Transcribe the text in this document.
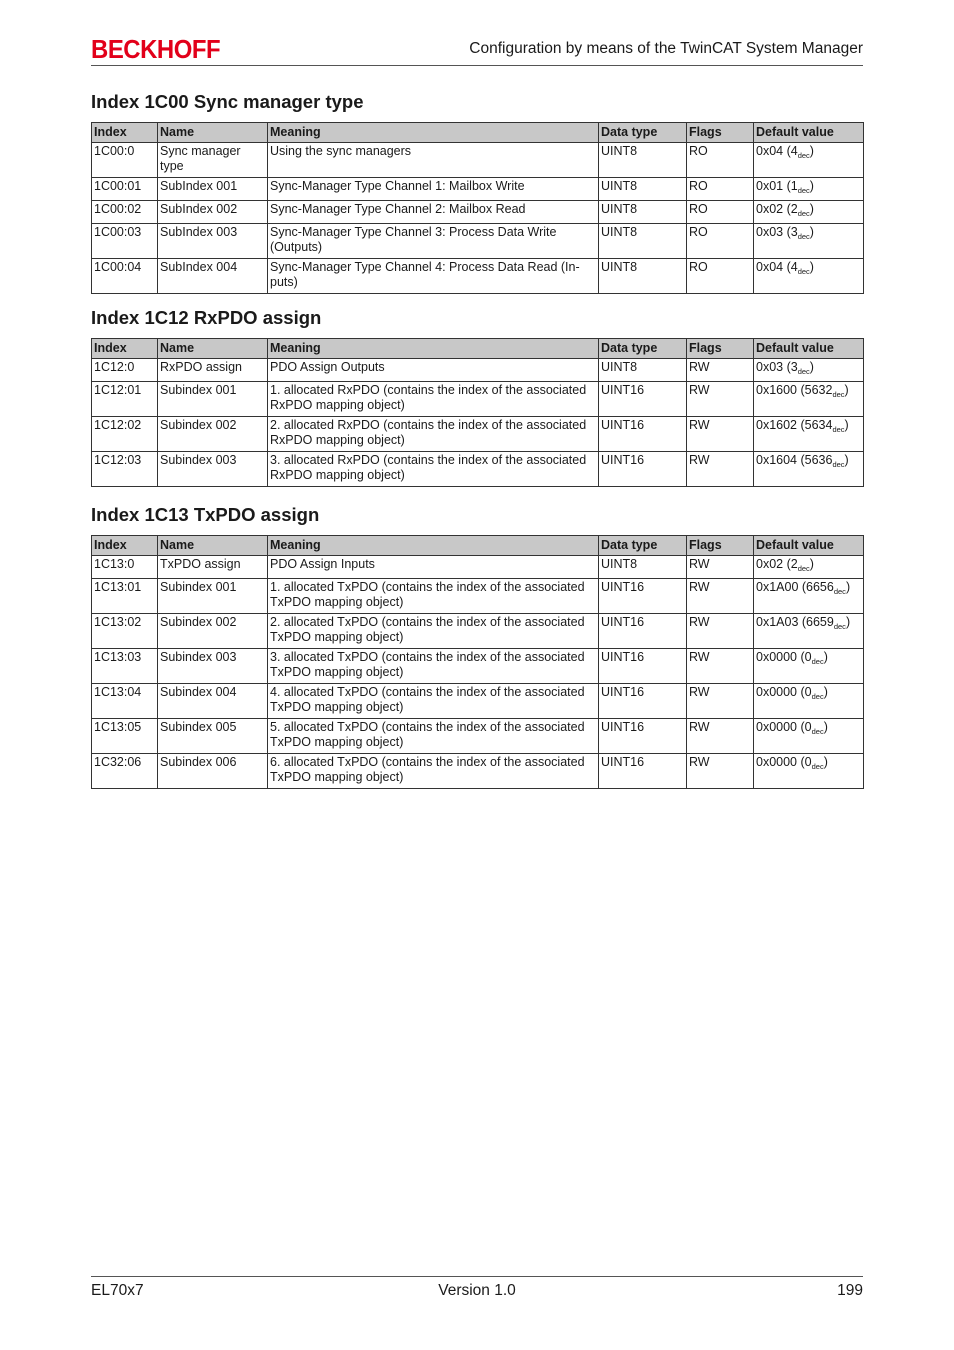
BECKHOFF	Configuration by means of the TwinCAT System Manager
Index 1C00 Sync manager type
Index	Name	Meaning	Data type	Flags	Default value
1C00:0	Sync manager type	Using the sync managers	UINT8	RO	0x04 $(4_{dec})$
1C00:01	SubIndex 001	Sync-Manager Type Channel 1: Mailbox Write	UINT8	RO	0x01 $(1_{dec})$
1C00:02	SubIndex 002	Sync-Manager Type Channel 2: Mailbox Read	UINT8	RO	0x02 $(2_{dec})$
1C00:03	SubIndex 003	Sync-Manager Type Channel 3: Process Data Write (Outputs)	UINT8	RO	0x03 $(3_{dec})$
1C00:04	SubIndex 004	Sync-Manager Type Channel 4: Process Data Read (In-puts)	UINT8	RO	0x04 $(4_{dec})$
Index 1C12 RxPDO assign
Index	Name	Meaning	Data type	Flags	Default value
1C12:0	RxPDO assign	PDO Assign Outputs	UINT8	RW	0x03 $(3_{dec})$
1C12:01	Subindex 001	1. allocated RxPDO (contains the index of the associated RxPDO mapping object)	UINT16	RW	0x1600 $(5632_{dec})$
1C12:02	Subindex 002	2. allocated RxPDO (contains the index of the associated RxPDO mapping object)	UINT16	RW	0x1602 $(5634_{dec})$
1C12:03	Subindex 003	3. allocated RxPDO (contains the index of the associated RxPDO mapping object)	UINT16	RW	0x1604 $(5636_{dec})$
Index 1C13 TxPDO assign
Index	Name	Meaning	Data type	Flags	Default value
1C13:0	TxPDO assign	PDO Assign Inputs	UINT8	RW	0x02 $(2_{dec})$
1C13:01	Subindex 001	1. allocated TxPDO (contains the index of the associated TxPDO mapping object)	UINT16	RW	0x1A00 $(6656_{dec})$
1C13:02	Subindex 002	2. allocated TxPDO (contains the index of the associated TxPDO mapping object)	UINT16	RW	0x1A03 $(6659_{dec})$
1C13:03	Subindex 003	3. allocated TxPDO (contains the index of the associated TxPDO mapping object)	UINT16	RW	0x0000 $(0_{dec})$
1C13:04	Subindex 004	4. allocated TxPDO (contains the index of the associated TxPDO mapping object)	UINT16	RW	0x0000 $(0_{dec})$
1C13:05	Subindex 005	5. allocated TxPDO (contains the index of the associated TxPDO mapping object)	UINT16	RW	0x0000 $(0_{dec})$
1C32:06	Subindex 006	6. allocated TxPDO (contains the index of the associated TxPDO mapping object)	UINT16	RW	0x0000 $(0_{dec})$
EL70x7	Version 1.0	199
